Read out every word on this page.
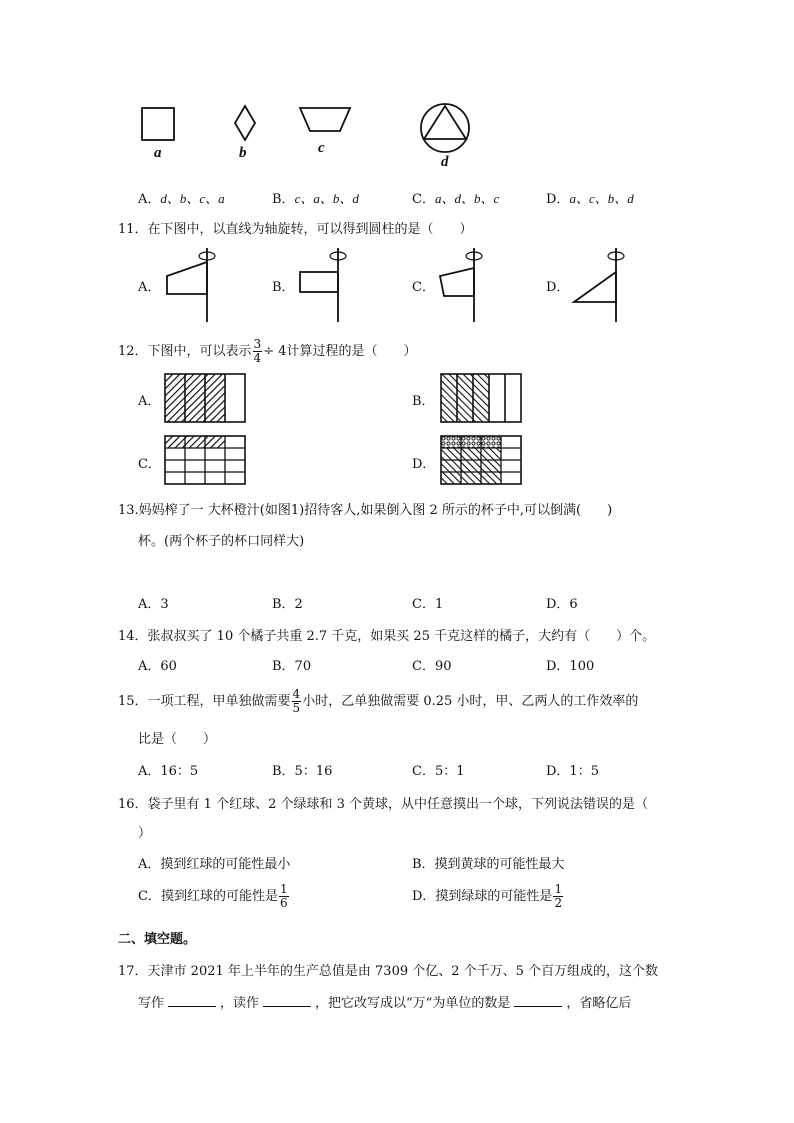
a	b	c
d
A．d、b、c、a	B．c、a、b、d	C．a、d、b、c	D．a、c、b、d
11．在下图中，以直线为轴旋转，可以得到圆柱的是（　　）
A．	B．	C．	D．
12．下图中，可以表示 $\frac{3}{4} \div 4$计算过程的是（　　）
A．	B．
C．	D．
13.妈妈榨了一 大杯橙汁(如图1)招待客人,如果倒入图 2 所示的杯子中,可以倒满(　　)
杯。(两个杯子的杯口同样大)
A．3	B．2	C．1	D．6
14．张叔叔买了 10 个橘子共重 2.7 千克，如果买 25 千克这样的橘子，大约有（　　）个。
A．60	B．70	C．90	D．100
15．一项工程，甲单独做需要 $\frac{4}{5}$ 小时，乙单独做需要 0.25 小时，甲、乙两人的工作效率的
比是（　　）
A．16：5	B．5：16	C．5：1	D．1：5
16．袋子里有 1 个红球、2 个绿球和 3 个黄球，从中任意摸出一个球，下列说法错误的是（
）
A．摸到红球的可能性最小	B．摸到黄球的可能性最大
C．摸到红球的可能性是 $\frac{1}{6}$	D．摸到绿球的可能性是 $\frac{1}{2}$
二、填空题。
17．天津市 2021 年上半年的生产总值是由 7309 个亿、2 个千万、5 个百万组成的，这个数
写作	，读作	，把它改写成以“万“为单位的数是	，省略亿后
